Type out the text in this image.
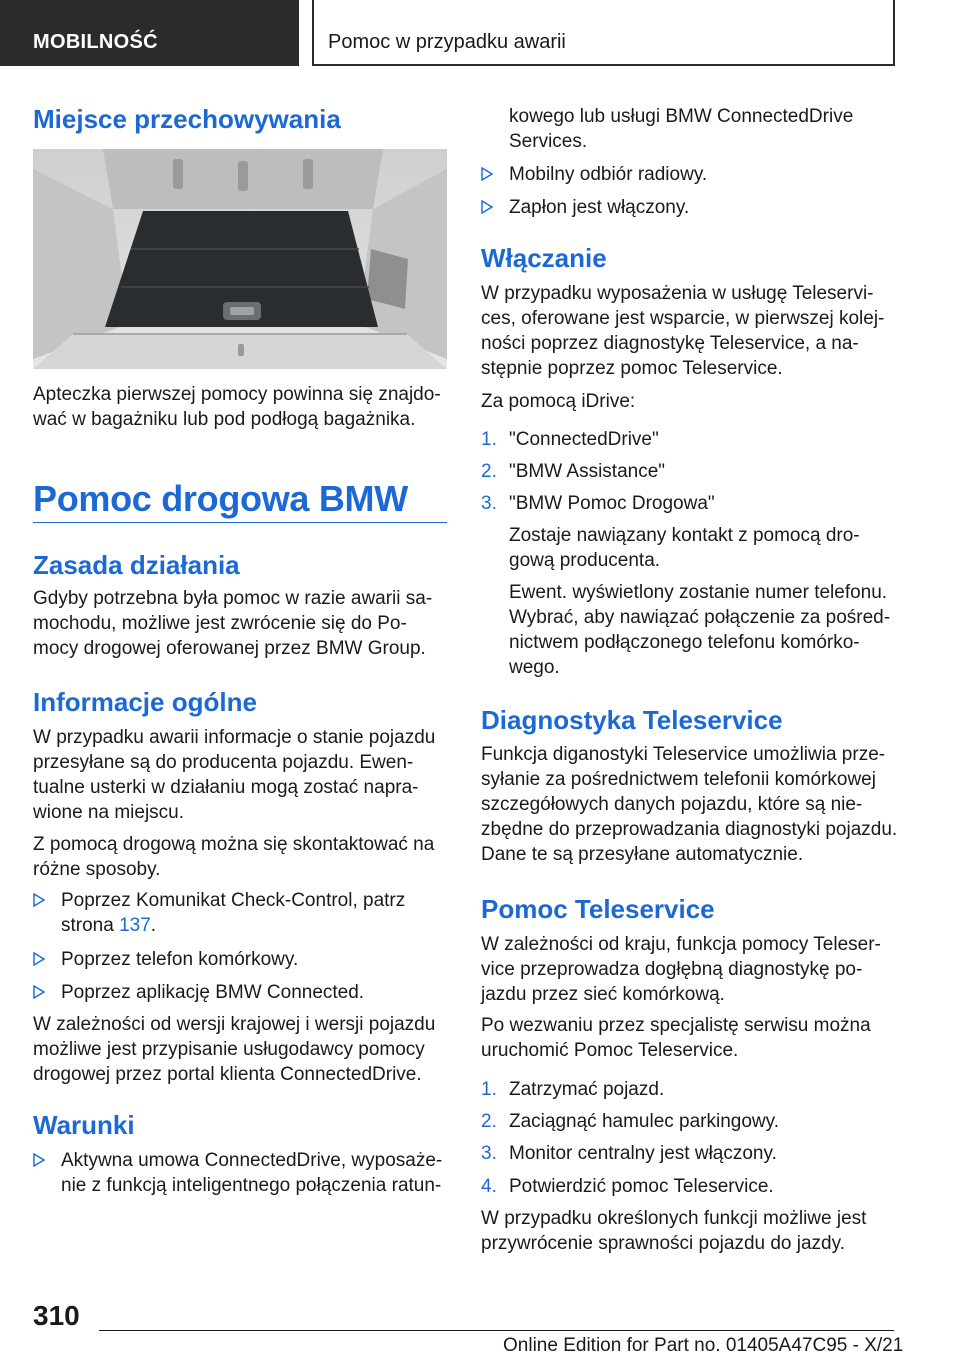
MOBILNOŚĆ	Pomoc w przypadku awarii
Miejsce przechowywania
Apteczka pierwszej pomocy powinna się znajdo-
wać w bagażniku lub pod podłogą bagażnika.
Pomoc drogowa BMW
Zasada działania
Gdyby potrzebna była pomoc w razie awarii sa-
mochodu, możliwe jest zwrócenie się do Po-
mocy drogowej oferowanej przez BMW Group.
Informacje ogólne
W przypadku awarii informacje o stanie pojazdu
przesyłane są do producenta pojazdu. Ewen-
tualne usterki w działaniu mogą zostać napra-
wione na miejscu.
Z pomocą drogową można się skontaktować na
różne sposoby.
Poprzez Komunikat Check-Control, patrz
strona 137.
Poprzez telefon komórkowy.
Poprzez aplikację BMW Connected.
W zależności od wersji krajowej i wersji pojazdu
możliwe jest przypisanie usługodawcy pomocy
drogowej przez portal klienta ConnectedDrive.
Warunki
Aktywna umowa ConnectedDrive, wyposaże-
nie z funkcją inteligentnego połączenia ratun-
kowego lub usługi BMW ConnectedDrive
Services.
Mobilny odbiór radiowy.
Zapłon jest włączony.
Włączanie
W przypadku wyposażenia w usługę Teleservi-
ces, oferowane jest wsparcie, w pierwszej kolej-
ności poprzez diagnostykę Teleservice, a na-
stępnie poprzez pomoc Teleservice.
Za pomocą iDrive:
1. "ConnectedDrive"
2. "BMW Assistance"
3. "BMW Pomoc Drogowa"
Zostaje nawiązany kontakt z pomocą dro-
gową producenta.
Ewent. wyświetlony zostanie numer telefonu.
Wybrać, aby nawiązać połączenie za pośred-
nictwem podłączonego telefonu komórko-
wego.
Diagnostyka Teleservice
Funkcja diganostyki Teleservice umożliwia prze-
syłanie za pośrednictwem telefonii komórkowej
szczegółowych danych pojazdu, które są nie-
zbędne do przeprowadzania diagnostyki pojazdu.
Dane te są przesyłane automatycznie.
Pomoc Teleservice
W zależności od kraju, funkcja pomocy Teleser-
vice przeprowadza dogłębną diagnostykę po-
jazdu przez sieć komórkową.
Po wezwaniu przez specjalistę serwisu można
uruchomić Pomoc Teleservice.
1. Zatrzymać pojazd.
2. Zaciągnąć hamulec parkingowy.
3. Monitor centralny jest włączony.
4. Potwierdzić pomoc Teleservice.
W przypadku określonych funkcji możliwe jest
przywrócenie sprawności pojazdu do jazdy.
310
Online Edition for Part no. 01405A47C95 - X/21
